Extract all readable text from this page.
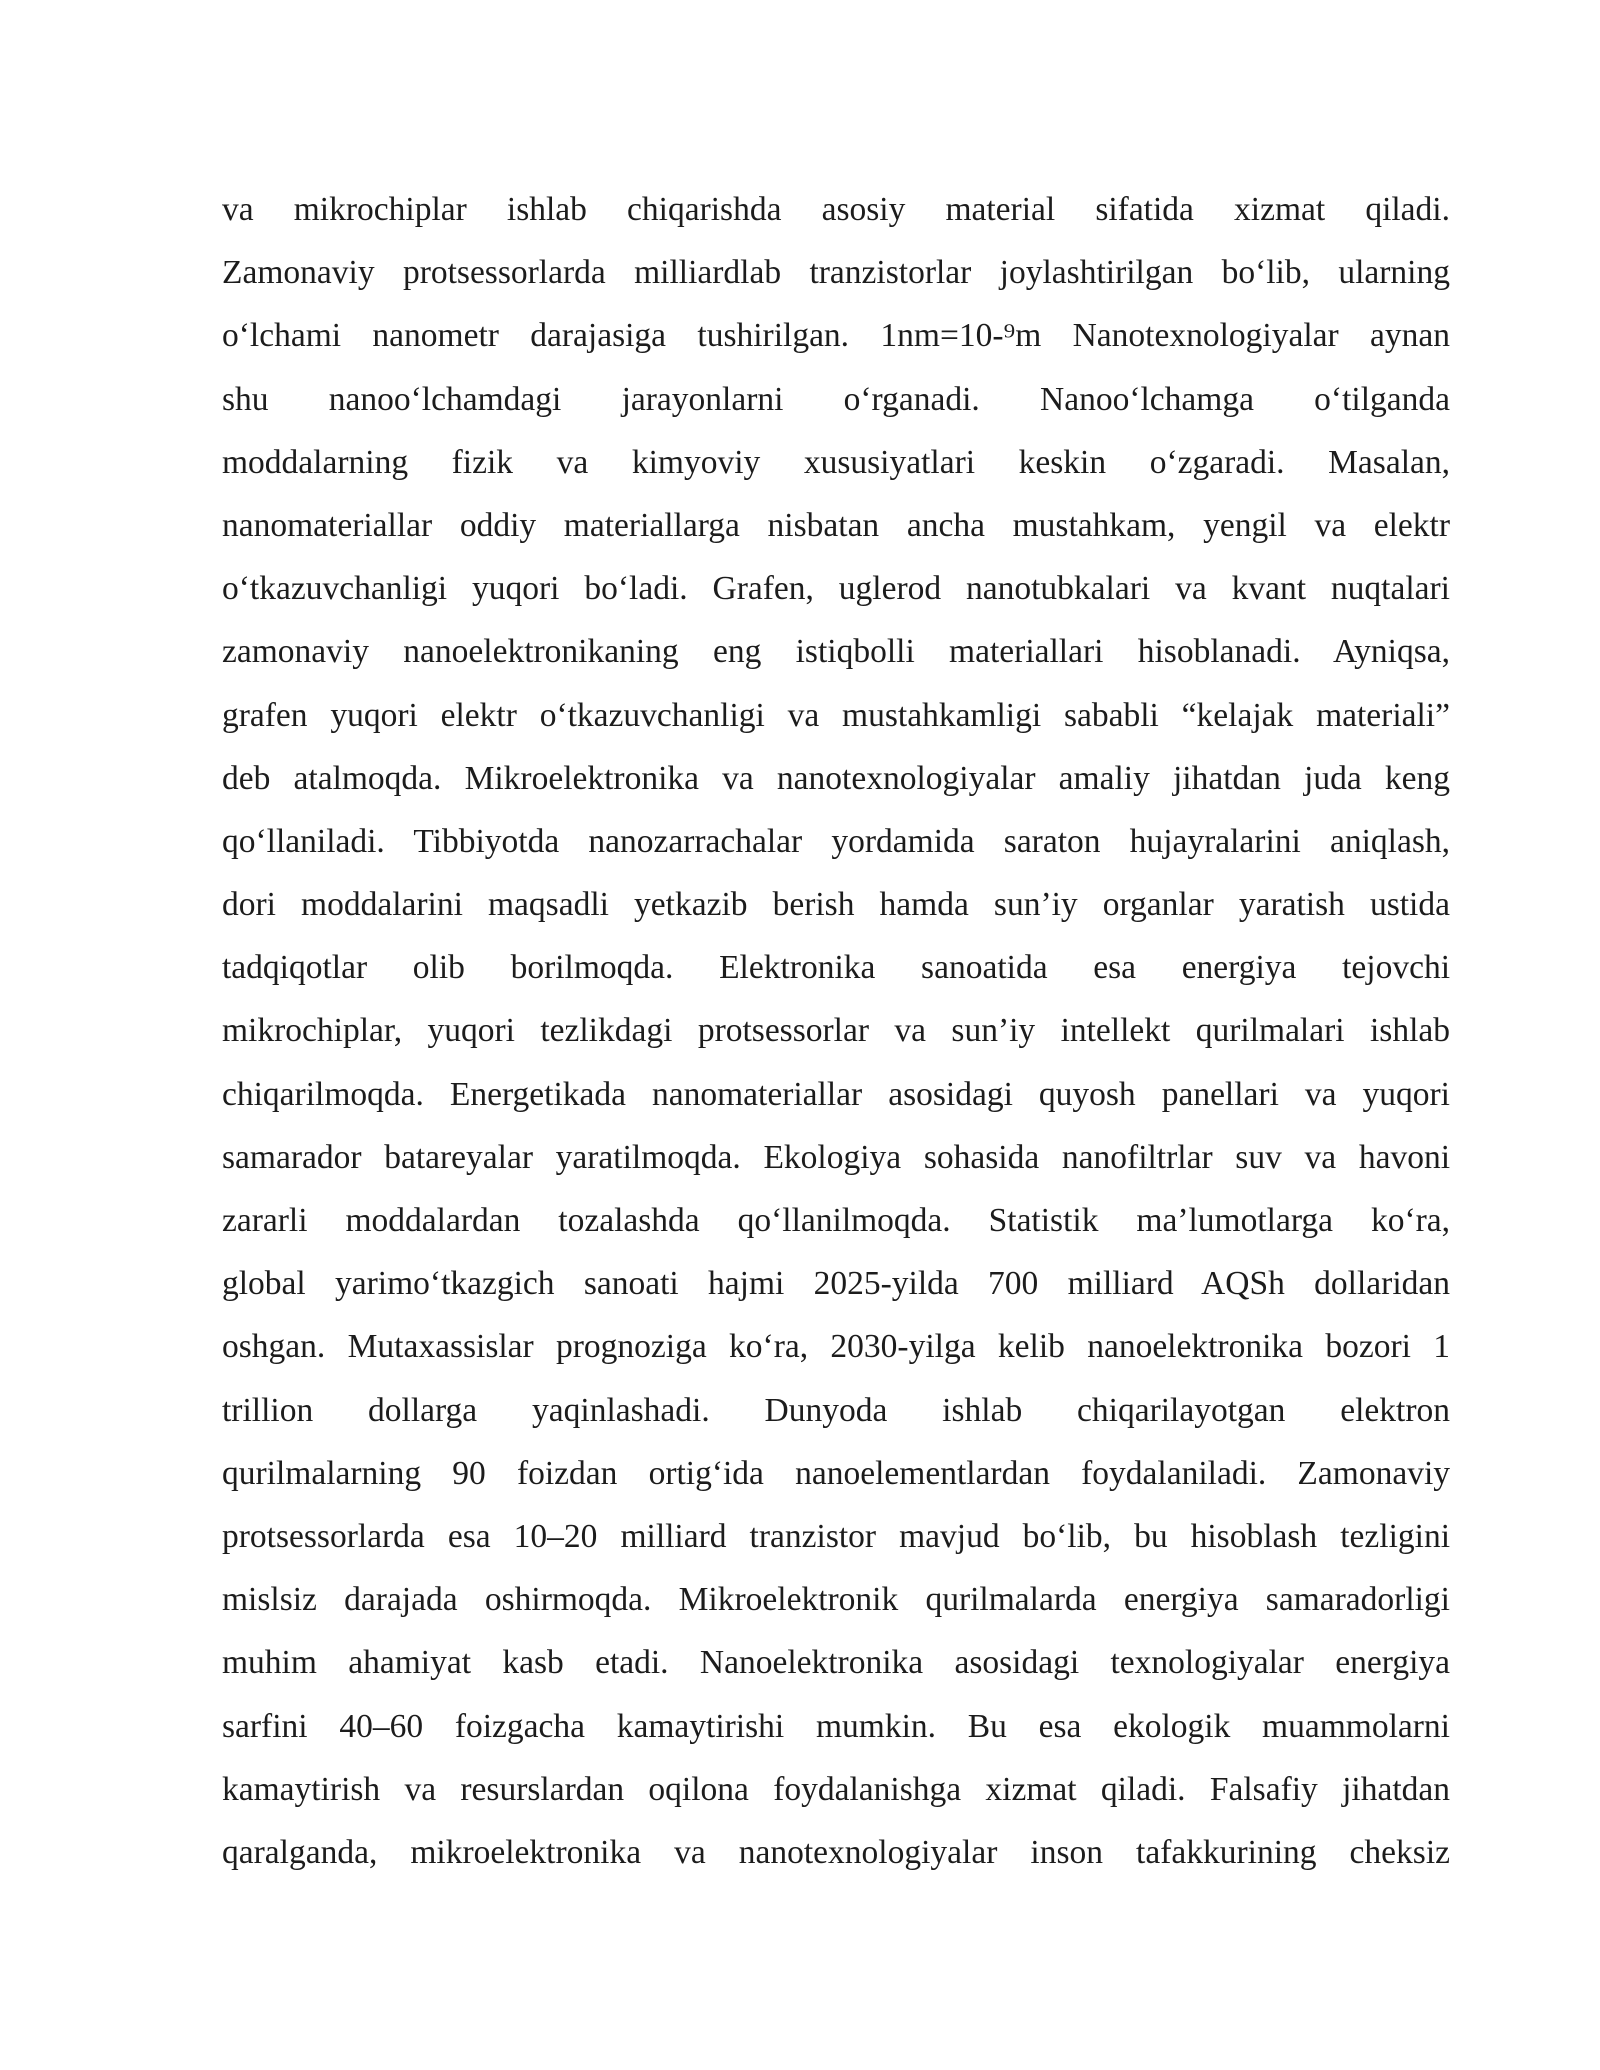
va mikrochiplar ishlab chiqarishda asosiy material sifatida xizmat qiladi.
Zamonaviy protsessorlarda milliardlab tranzistorlar joylashtirilgan bo‘lib, ularning
o‘lchami nanometr darajasiga tushirilgan. 1nm=10-⁹m Nanotexnologiyalar aynan
shu nanoo‘lchamdagi jarayonlarni o‘rganadi. Nanoo‘lchamga o‘tilganda
moddalarning fizik va kimyoviy xususiyatlari keskin o‘zgaradi. Masalan,
nanomateriallar oddiy materiallarga nisbatan ancha mustahkam, yengil va elektr
o‘tkazuvchanligi yuqori bo‘ladi. Grafen, uglerod nanotubkalari va kvant nuqtalari
zamonaviy nanoelektronikaning eng istiqbolli materiallari hisoblanadi. Ayniqsa,
grafen yuqori elektr o‘tkazuvchanligi va mustahkamligi sababli “kelajak materiali”
deb atalmoqda. Mikroelektronika va nanotexnologiyalar amaliy jihatdan juda keng
qo‘llaniladi. Tibbiyotda nanozarrachalar yordamida saraton hujayralarini aniqlash,
dori moddalarini maqsadli yetkazib berish hamda sun’iy organlar yaratish ustida
tadqiqotlar olib borilmoqda. Elektronika sanoatida esa energiya tejovchi
mikrochiplar, yuqori tezlikdagi protsessorlar va sun’iy intellekt qurilmalari ishlab
chiqarilmoqda. Energetikada nanomateriallar asosidagi quyosh panellari va yuqori
samarador batareyalar yaratilmoqda. Ekologiya sohasida nanofiltrlar suv va havoni
zararli moddalardan tozalashda qo‘llanilmoqda. Statistik ma’lumotlarga ko‘ra,
global yarimo‘tkazgich sanoati hajmi 2025-yilda 700 milliard AQSh dollaridan
oshgan. Mutaxassislar prognoziga ko‘ra, 2030-yilga kelib nanoelektronika bozori 1
trillion dollarga yaqinlashadi. Dunyoda ishlab chiqarilayotgan elektron
qurilmalarning 90 foizdan ortig‘ida nanoelementlardan foydalaniladi. Zamonaviy
protsessorlarda esa 10–20 milliard tranzistor mavjud bo‘lib, bu hisoblash tezligini
mislsiz darajada oshirmoqda. Mikroelektronik qurilmalarda energiya samaradorligi
muhim ahamiyat kasb etadi. Nanoelektronika asosidagi texnologiyalar energiya
sarfini 40–60 foizgacha kamaytirishi mumkin. Bu esa ekologik muammolarni
kamaytirish va resurslardan oqilona foydalanishga xizmat qiladi. Falsafiy jihatdan
qaralganda, mikroelektronika va nanotexnologiyalar inson tafakkurining cheksiz
